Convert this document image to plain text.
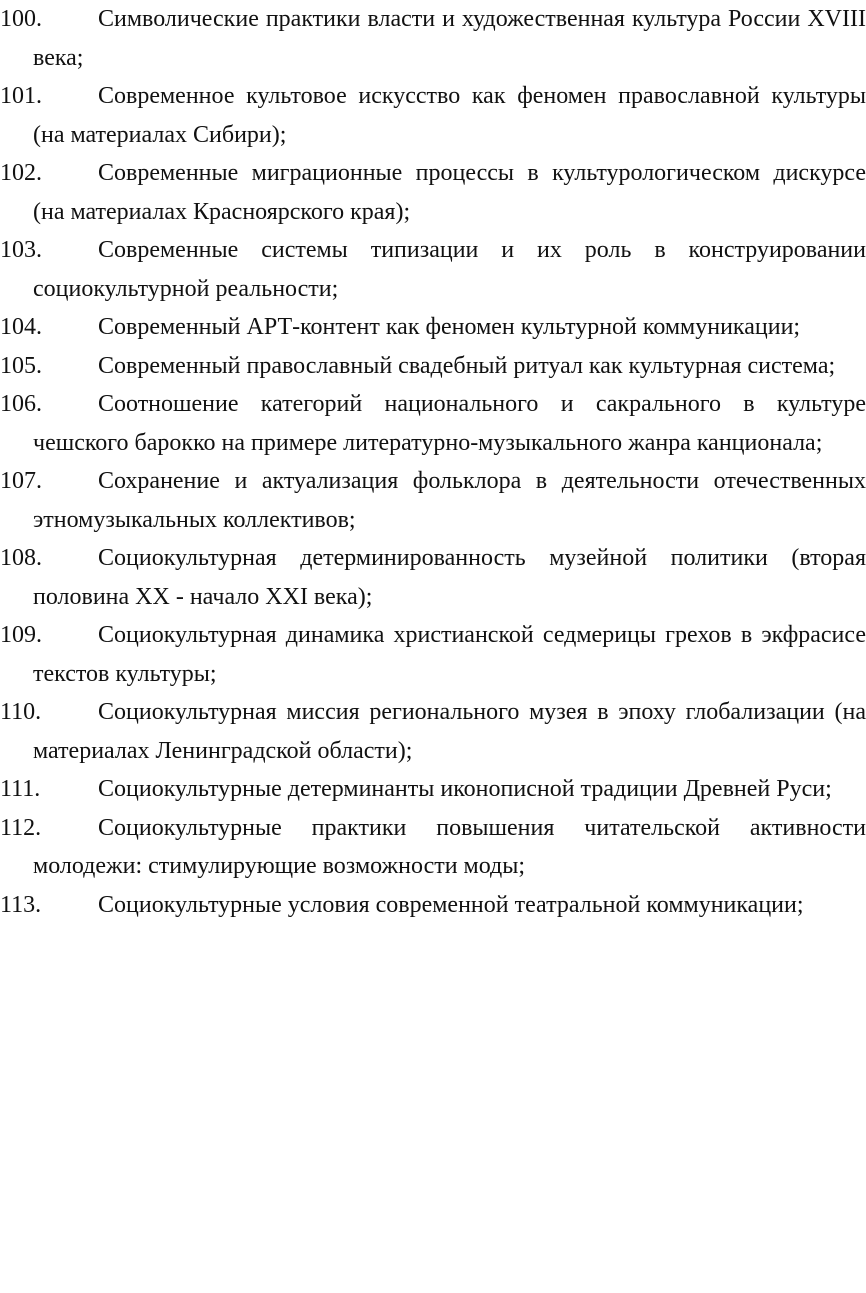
100. Символические практики власти и художественная культура России XVIII века;

101. Современное культовое искусство как феномен православной культуры (на материалах Сибири);

102. Современные миграционные процессы в культурологическом дискурсе (на материалах Красноярского края);

103. Современные системы типизации и их роль в конструировании социокультурной реальности;

104. Современный АРТ-контент как феномен культурной коммуникации;

105. Современный православный свадебный ритуал как культурная система;

106. Соотношение категорий национального и сакрального в культуре чешского барокко на примере литературно-музыкального жанра канционала;

107. Сохранение и актуализация фольклора в деятельности отечественных этномузыкальных коллективов;

108. Социокультурная детерминированность музейной политики (вторая половина XX - начало XXI века);

109. Социокультурная динамика христианской седмерицы грехов в экфрасисе текстов культуры;

110. Социокультурная миссия регионального музея в эпоху глобализации (на материалах Ленинградской области);

111. Социокультурные детерминанты иконописной традиции Древней Руси;

112. Социокультурные практики повышения читательской активности молодежи: стимулирующие возможности моды;

113. Социокультурные условия современной театральной коммуникации;
